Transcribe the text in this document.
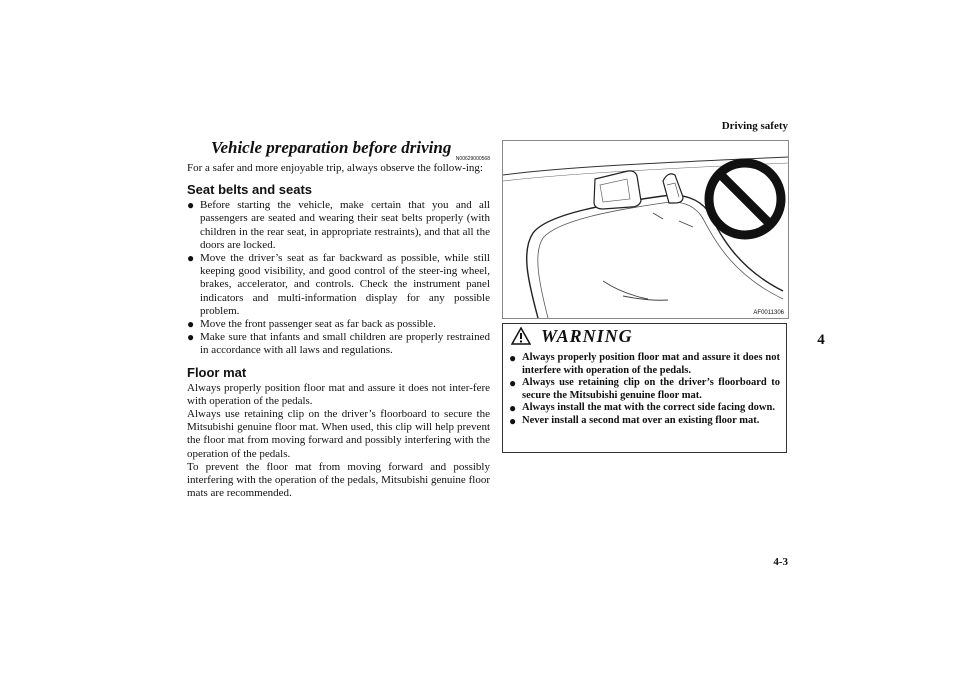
Driving safety
4
4-3
Vehicle preparation before driving
N00629000568

For a safer and more enjoyable trip, always observe the follow-ing:

Seat belts and seats
● Before starting the vehicle, make certain that you and all passengers are seated and wearing their seat belts properly (with children in the rear seat, in appropriate restraints), and that all the doors are locked.
● Move the driver’s seat as far backward as possible, while still keeping good visibility, and good control of the steer-ing wheel, brakes, accelerator, and controls. Check the instrument panel indicators and multi-information display for any possible problem.
● Move the front passenger seat as far back as possible.
● Make sure that infants and small children are properly restrained in accordance with all laws and regulations.
Floor mat

Always properly position floor mat and assure it does not inter-fere with operation of the pedals.

Always use retaining clip on the driver’s floorboard to secure the Mitsubishi genuine floor mat. When used, this clip will help prevent the floor mat from moving forward and possibly interfering with the operation of the pedals.

To prevent the floor mat from moving forward and possibly interfering with the operation of the pedals, Mitsubishi genuine floor mats are recommended.

AF0011306
WARNING
● Always properly position floor mat and assure it does not interfere with operation of the pedals.
● Always use retaining clip on the driver’s floorboard to secure the Mitsubishi genuine floor mat.
● Always install the mat with the correct side facing down.
● Never install a second mat over an existing floor mat.
